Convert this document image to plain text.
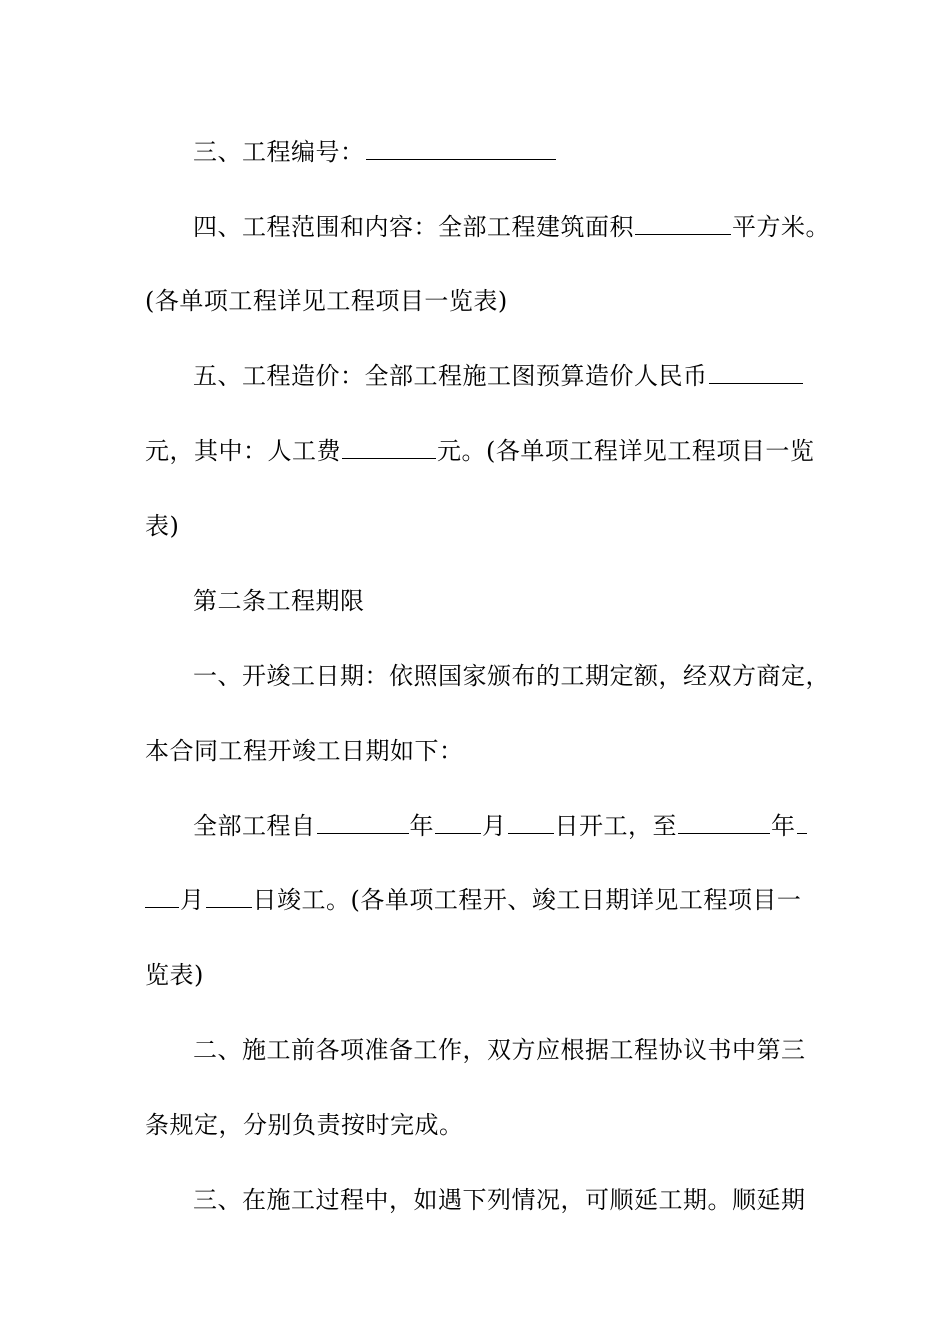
三、工程编号：
四、工程范围和内容：全部工程建筑面积	平方米。
(各单项工程详见工程项目一览表)
五、工程造价：全部工程施工图预算造价人民币
元，其中：人工费	元。(各单项工程详见工程项目一览
表)
第二条工程期限
一、开竣工日期：依照国家颁布的工期定额，经双方商定，
本合同工程开竣工日期如下：
全部工程自	年 月 日开工，至	年
月 日竣工。(各单项工程开、竣工日期详见工程项目一
览表)
二、施工前各项准备工作，双方应根据工程协议书中第三
条规定，分别负责按时完成。
三、在施工过程中，如遇下列情况，可顺延工期。顺延期
